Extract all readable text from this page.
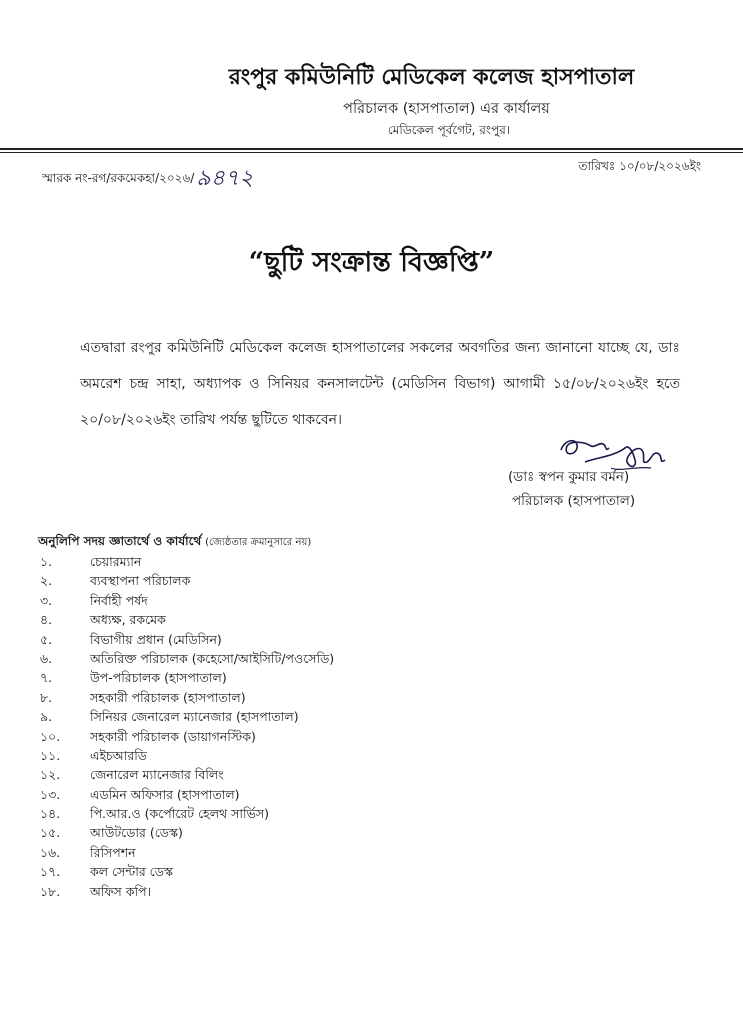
রংপুর কমিউনিটি মেডিকেল কলেজ হাসপাতাল
পরিচালক (হাসপাতাল) এর কার্যালয়
মেডিকেল পূর্বগেট, রংপুর।
স্মারক নং-রগ/রকমেকহা/২০২৬/৯৪৭২	তারিখঃ ১০/০৮/২০২৬ইং
“ছুটি সংক্রান্ত বিজ্ঞপ্তি”

এতদ্বারা রংপুর কমিউনিটি মেডিকেল কলেজ হাসপাতালের সকলের অবগতির জন্য জানানো যাচ্ছে যে, ডাঃ অমরেশ চন্দ্র সাহা, অধ্যাপক ও সিনিয়র কনসালটেন্ট (মেডিসিন বিভাগ) আগামী ১৫/০৮/২০২৬ইং হতে ২০/০৮/২০২৬ইং তারিখ পর্যন্ত ছুটিতে থাকবেন।

(ডাঃ স্বপন কুমার বর্মন)
পরিচালক (হাসপাতাল)
অনুলিপি সদয় জ্ঞাতার্থে ও কার্যার্থে (জ্যেষ্ঠতার ক্রমানুসারে নয়)
১.	চেয়ারম্যান
২.	ব্যবস্থাপনা পরিচালক
৩.	নির্বাহী পর্ষদ
৪.	অধ্যক্ষ, রকমেক
৫.	বিভাগীয় প্রধান (মেডিসিন)
৬.	অতিরিক্ত পরিচালক (কহেসো/আইসিটি/পওসেডি)
৭.	উপ-পরিচালক (হাসপাতাল)
৮.	সহকারী পরিচালক (হাসপাতাল)
৯.	সিনিয়র জেনারেল ম্যানেজার (হাসপাতাল)
১০.	সহকারী পরিচালক (ডায়াগনস্টিক)
১১.	এইচআরডি
১২.	জেনারেল ম্যানেজার বিলিং
১৩.	এডমিন অফিসার (হাসপাতাল)
১৪.	পি.আর.ও (কর্পোরেট হেলথ সার্ভিস)
১৫.	আউটডোর (ডেস্ক)
১৬.	রিসিপশন
১৭.	কল সেন্টার ডেস্ক
১৮.	অফিস কপি।
